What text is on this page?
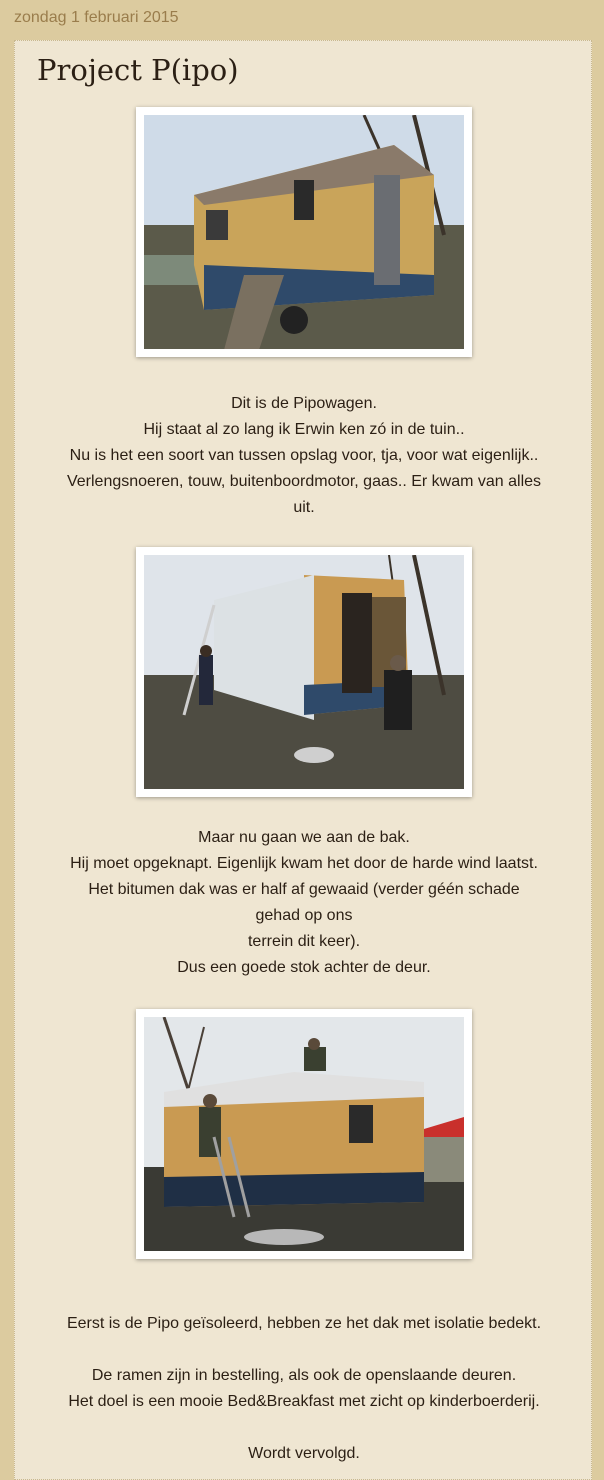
zondag 1 februari 2015
Project P(ipo)

Dit is de Pipowagen.

Hij staat al zo lang ik Erwin ken zó in de tuin..

Nu is het een soort van tussen opslag voor, tja, voor wat eigenlijk..

Verlengsnoeren, touw, buitenboordmotor, gaas.. Er kwam van alles

uit.

Maar nu gaan we aan de bak.

Hij moet opgeknapt. Eigenlijk kwam het door de harde wind laatst.

Het bitumen dak was er half af gewaaid (verder géén schade

gehad op ons

terrein dit keer).

Dus een goede stok achter de deur.

Eerst is de Pipo geïsoleerd, hebben ze het dak met isolatie bedekt.

De ramen zijn in bestelling, als ook de openslaande deuren.

Het doel is een mooie Bed&Breakfast met zicht op kinderboerderij.

Wordt vervolgd.
